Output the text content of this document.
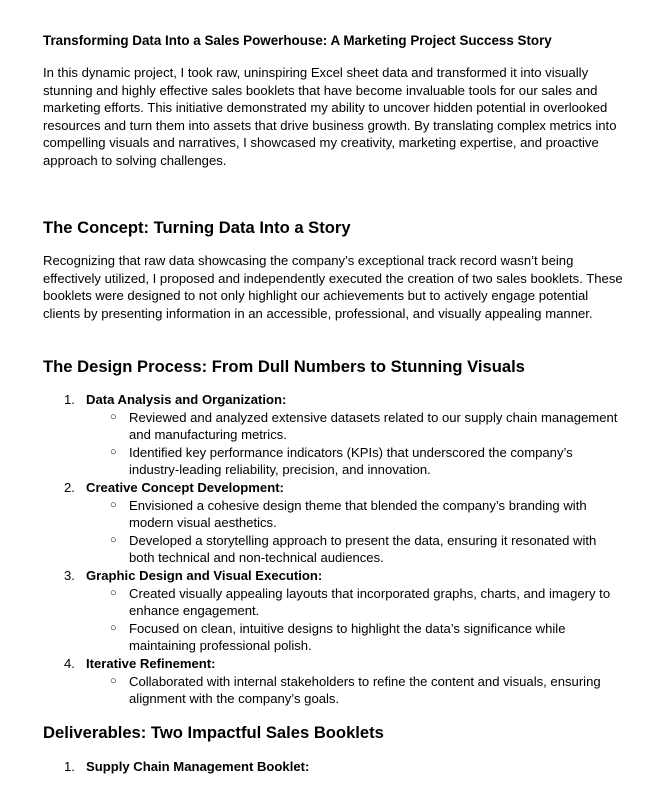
Transforming Data Into a Sales Powerhouse: A Marketing Project Success Story

In this dynamic project, I took raw, uninspiring Excel sheet data and transformed it into visually stunning and highly effective sales booklets that have become invaluable tools for our sales and marketing efforts. This initiative demonstrated my ability to uncover hidden potential in overlooked resources and turn them into assets that drive business growth. By translating complex metrics into compelling visuals and narratives, I showcased my creativity, marketing expertise, and proactive approach to solving challenges.

The Concept: Turning Data Into a Story

Recognizing that raw data showcasing the company’s exceptional track record wasn’t being effectively utilized, I proposed and independently executed the creation of two sales booklets. These booklets were designed to not only highlight our achievements but to actively engage potential clients by presenting information in an accessible, professional, and visually appealing manner.

The Design Process: From Dull Numbers to Stunning Visuals
1. Data Analysis and Organization:
○ Reviewed and analyzed extensive datasets related to our supply chain management and manufacturing metrics.
○ Identified key performance indicators (KPIs) that underscored the company’s industry-leading reliability, precision, and innovation.
2. Creative Concept Development:
○ Envisioned a cohesive design theme that blended the company’s branding with modern visual aesthetics.
○ Developed a storytelling approach to present the data, ensuring it resonated with both technical and non-technical audiences.
3. Graphic Design and Visual Execution:
○ Created visually appealing layouts that incorporated graphs, charts, and imagery to enhance engagement.
○ Focused on clean, intuitive designs to highlight the data’s significance while maintaining professional polish.
4. Iterative Refinement:
○ Collaborated with internal stakeholders to refine the content and visuals, ensuring alignment with the company’s goals.
Deliverables: Two Impactful Sales Booklets
1. Supply Chain Management Booklet:
